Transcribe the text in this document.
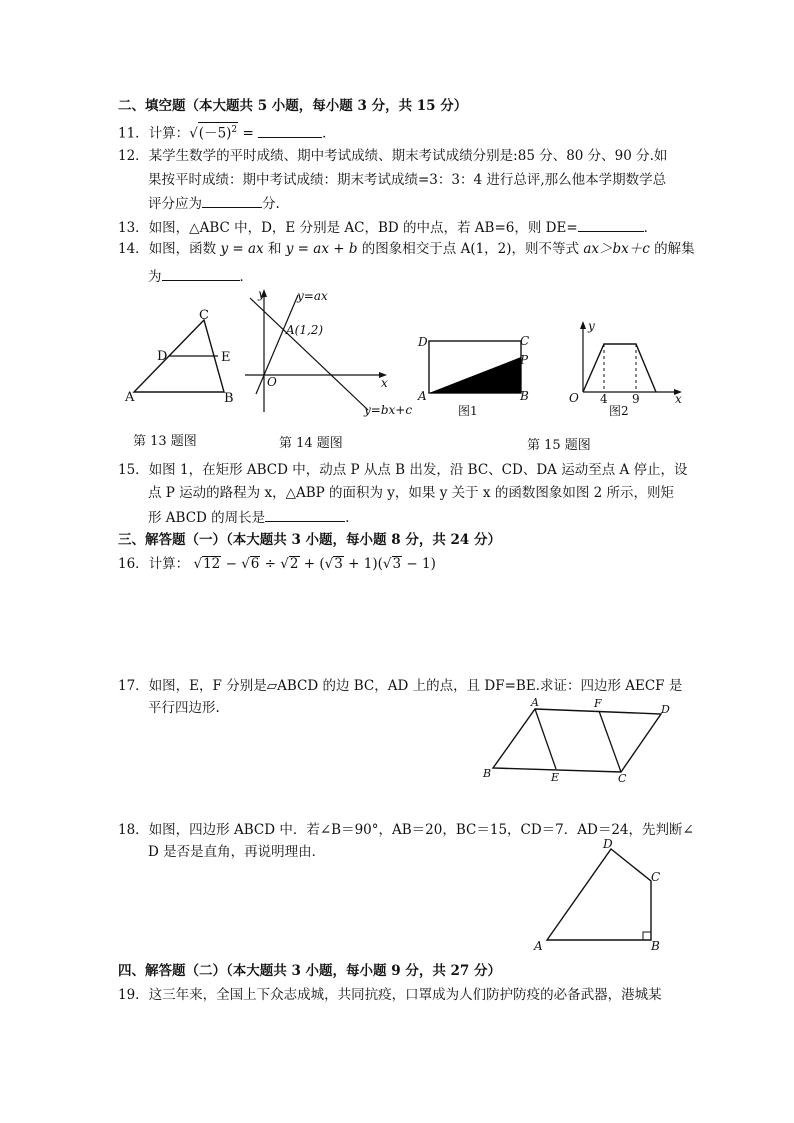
二、填空题（本大题共 5 小题，每小题 3 分，共 15 分）
11．计算：$√(-5)^2$ =	．
12．某学生数学的平时成绩、期中考试成绩、期末考试成绩分别是:85 分、80 分、90 分.如
果按平时成绩：期中考试成绩：期末考试成绩=3：3：4 进行总评,那么他本学期数学总
评分应为	分.
13．如图，△ABC 中，D，E 分别是 AC，BD 的中点，若 AB=6，则 DE=	．
14．如图，函数 y = ax 和 y = ax + b 的图象相交于点 A(1，2)，则不等式 ax＞bx＋c 的解集
为	．
C
D	E
A	B
第 13 题图
y
x
O
y=ax
A(1,2)
y=bx+c
第 14 题图
D	C
P
A	B
图1
y
x
O 4 9
图2
第 15 题图
15．如图 1，在矩形 ABCD 中，动点 P 从点 B 出发，沿 BC、CD、DA 运动至点 A 停止，设
点 P 运动的路程为 x，△ABP 的面积为 y，如果 y 关于 x 的函数图象如图 2 所示，则矩
形 ABCD 的周长是	.
三、解答题（一）（本大题共 3 小题，每小题 8 分，共 24 分）
16．计算： √12 − √6 ÷ √2 + (√3 + 1)(√3 − 1)
17．如图，E，F 分别是▱ABCD 的边 BC，AD 上的点，且 DF=BE.求证：四边形 AECF 是
平行四边形.	A	F	D
B	E	C
18．如图，四边形 ABCD 中．若∠B＝90°，AB＝20，BC＝15，CD＝7．AD＝24，先判断∠
D 是否是直角，再说明理由．	D
C
A	B
四、解答题（二）（本大题共 3 小题，每小题 9 分，共 27 分）
19．这三年来，全国上下众志成城，共同抗疫，口罩成为人们防护防疫的必备武器，港城某
